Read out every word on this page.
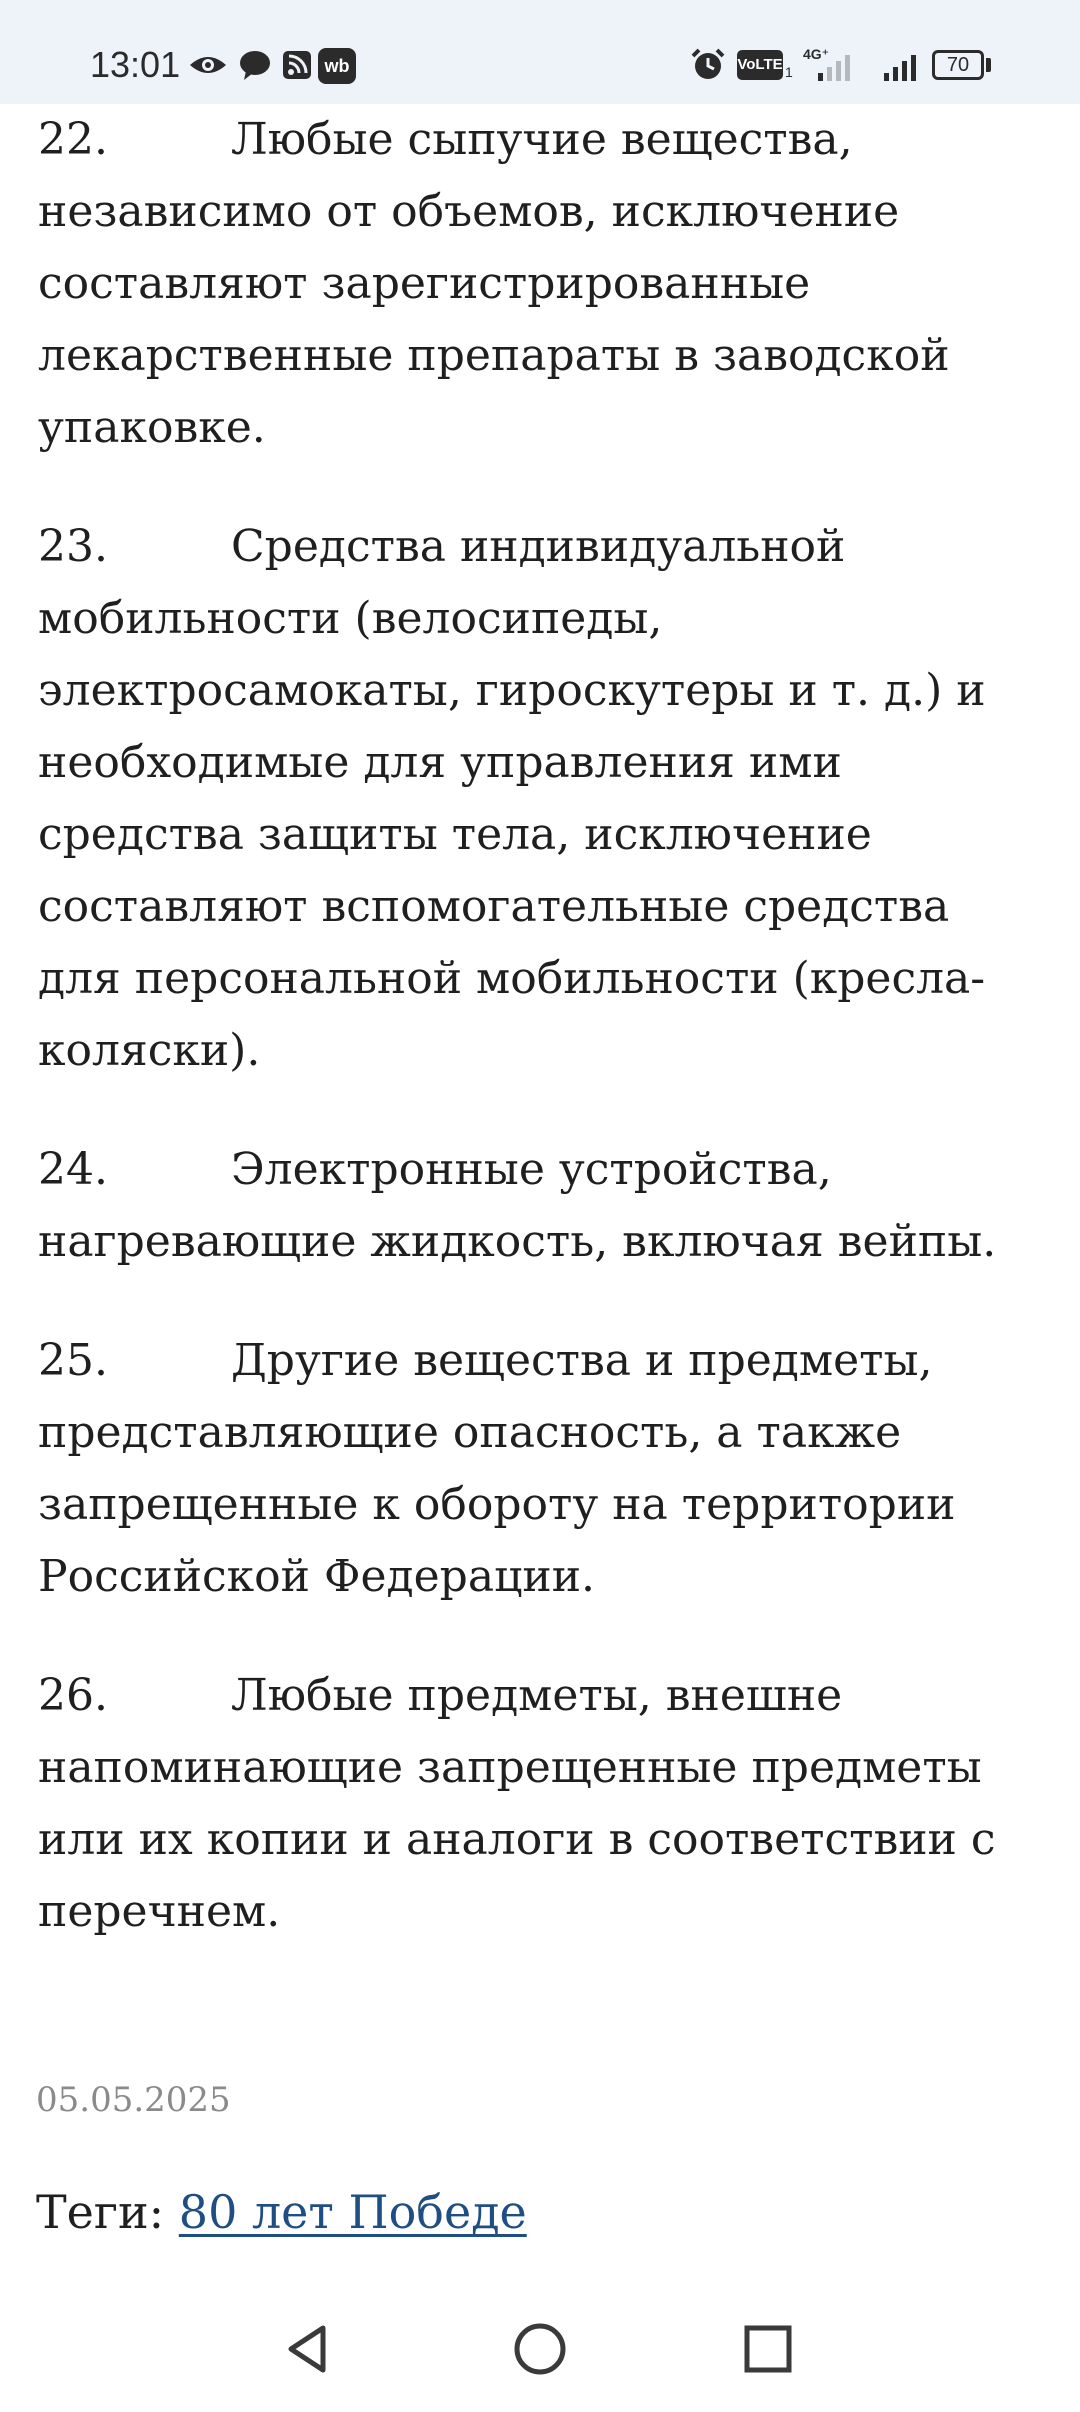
13:01	wb	VoLTE 1
4G⁺	70

22.	Любые сыпучие вещества, независимо от объемов, исключение составляют зарегистрированные лекарственные препараты в заводской упаковке.

23.	Средства индивидуальной мобильности (велосипеды, электросамокаты, гироскутеры и т. д.) и необходимые для управления ими средства защиты тела, исключение составляют вспомогательные средства для персональной мобильности (кресла-коляски).

24.	Электронные устройства, нагревающие жидкость, включая вейпы.

25.	Другие вещества и предметы, представляющие опасность, а также запрещенные к обороту на территории Российской Федерации.

26.	Любые предметы, внешне напоминающие запрещенные предметы или их копии и аналоги в соответствии с перечнем.

05.05.2025
Теги: 80 лет Победе
